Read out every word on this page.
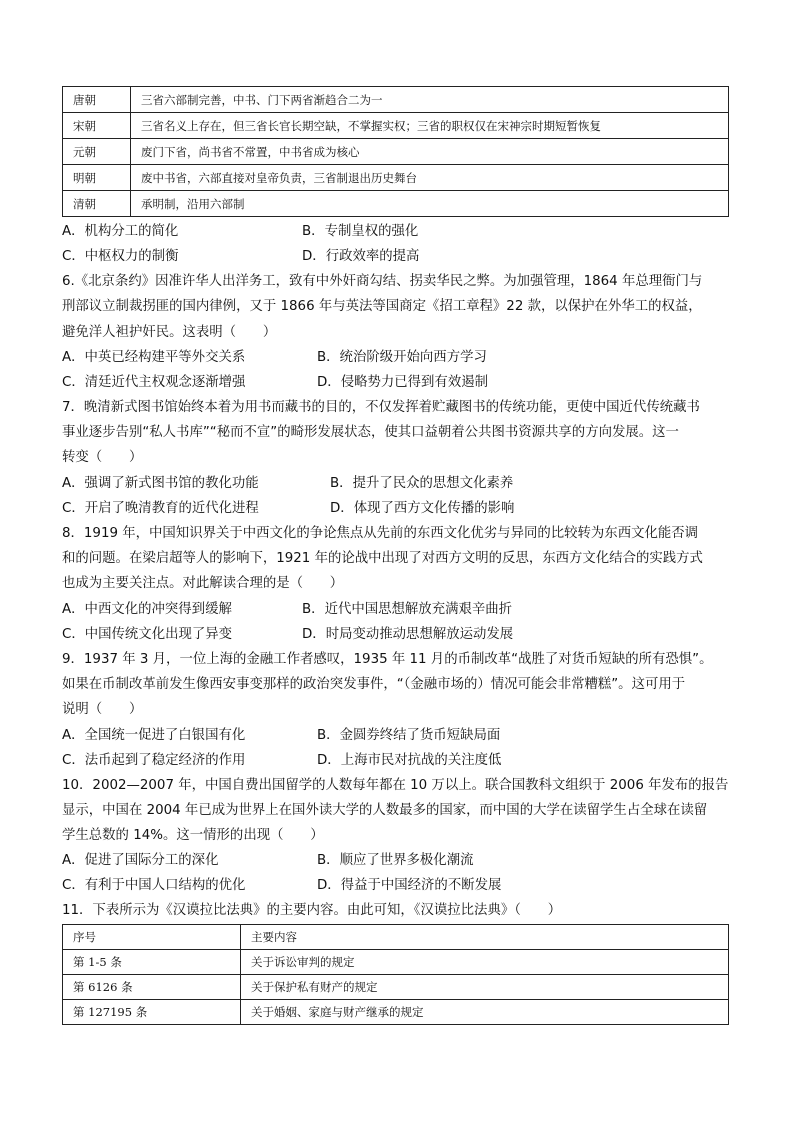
唐朝	三省六部制完善，中书、门下两省渐趋合二为一
宋朝	三省名义上存在，但三省长官长期空缺，不掌握实权；三省的职权仅在宋神宗时期短暂恢复
元朝	废门下省，尚书省不常置，中书省成为核心
明朝	废中书省，六部直接对皇帝负责，三省制退出历史舞台
清朝	承明制，沿用六部制
A．机构分工的简化	B．专制皇权的强化
C．中枢权力的制衡	D．行政效率的提高
6.《北京条约》因准许华人出洋务工，致有中外奸商勾结、拐卖华民之弊。为加强管理，1864 年总理衙门与
刑部议立制裁拐匪的国内律例，又于 1866 年与英法等国商定《招工章程》22 款，以保护在外华工的权益，
避免洋人袒护奸民。这表明（　　）
A．中英已经构建平等外交关系	B．统治阶级开始向西方学习
C．清廷近代主权观念逐渐增强	D．侵略势力已得到有效遏制
7．晚清新式图书馆始终本着为用书而藏书的目的，不仅发挥着贮藏图书的传统功能，更使中国近代传统藏书
事业逐步告别“私人书库”“秘而不宣”的畸形发展状态，使其口益朝着公共图书资源共享的方向发展。这一
转变（　　）
A．强调了新式图书馆的教化功能	B．提升了民众的思想文化素养
C．开启了晚清教育的近代化进程	D．体现了西方文化传播的影响
8．1919 年，中国知识界关于中西文化的争论焦点从先前的东西文化优劣与异同的比较转为东西文化能否调
和的问题。在梁启超等人的影响下，1921 年的论战中出现了对西方文明的反思，东西方文化结合的实践方式
也成为主要关注点。对此解读合理的是（　　）
A．中西文化的冲突得到缓解	B．近代中国思想解放充满艰辛曲折
C．中国传统文化出现了异变	D．时局变动推动思想解放运动发展
9．1937 年 3 月，一位上海的金融工作者感叹，1935 年 11 月的币制改革“战胜了对货币短缺的所有恐惧”。
如果在币制改革前发生像西安事变那样的政治突发事件，“（金融市场的）情况可能会非常糟糕”。这可用于
说明（　　）
A．全国统一促进了白银国有化	B．金圆券终结了货币短缺局面
C．法币起到了稳定经济的作用	D．上海市民对抗战的关注度低
10．2002—2007 年，中国自费出国留学的人数每年都在 10 万以上。联合国教科文组织于 2006 年发布的报告
显示，中国在 2004 年已成为世界上在国外读大学的人数最多的国家，而中国的大学在读留学生占全球在读留
学生总数的 14%。这一情形的出现（　　）
A．促进了国际分工的深化	B．顺应了世界多极化潮流
C．有利于中国人口结构的优化	D．得益于中国经济的不断发展
11．下表所示为《汉谟拉比法典》的主要内容。由此可知，《汉谟拉比法典》（　　）
序号	主要内容
第 1-5 条	关于诉讼审判的规定
第 6126 条	关于保护私有财产的规定
第 127195 条	关于婚姻、家庭与财产继承的规定
